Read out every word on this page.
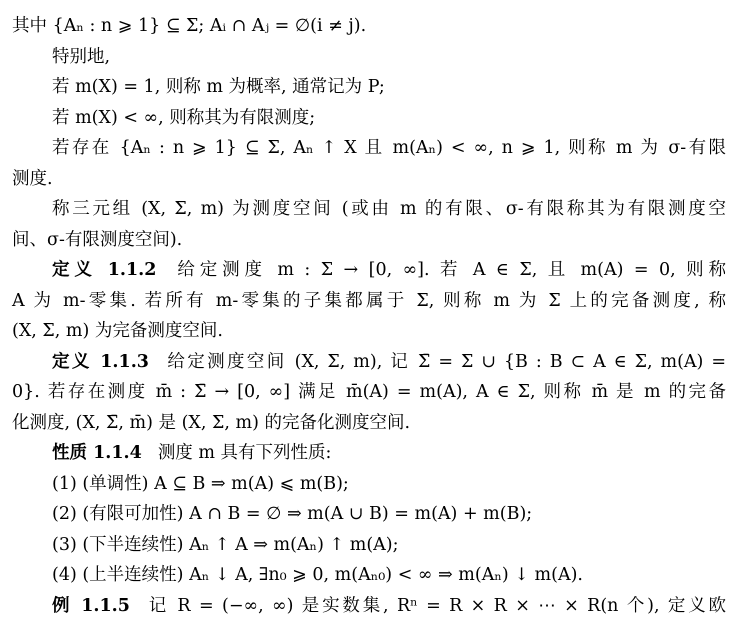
其中 {Aₙ : n ⩾ 1} ⊆ Σ; Aᵢ ∩ Aⱼ = ∅(i ≠ j).
特别地,
若 m(X) = 1, 则称 m 为概率, 通常记为 P;
若 m(X) < ∞, 则称其为有限测度;
若存在 {Aₙ : n ⩾ 1} ⊆ Σ, Aₙ ↑ X 且 m(Aₙ) < ∞, n ⩾ 1, 则称 m 为 σ-有限
测度.
称三元组 (X, Σ, m) 为测度空间 (或由 m 的有限、σ-有限称其为有限测度空
间、σ-有限测度空间).
定义 1.1.2 给定测度 m : Σ → [0, ∞]. 若 A ∈ Σ, 且 m(A) = 0, 则称
A 为 m-零集. 若所有 m-零集的子集都属于 Σ, 则称 m 为 Σ 上的完备测度, 称
(X, Σ, m) 为完备测度空间.
定义 1.1.3 给定测度空间 (X, Σ, m), 记 Σ̄ = Σ ∪ {B : B ⊂ A ∈ Σ, m(A) =
0}. 若存在测度 m̄ : Σ̄ → [0, ∞] 满足 m̄(A) = m(A), A ∈ Σ, 则称 m̄ 是 m 的完备
化测度, (X, Σ̄, m̄) 是 (X, Σ, m) 的完备化测度空间.
性质 1.1.4 测度 m 具有下列性质:
(1) (单调性) A ⊆ B ⇒ m(A) ⩽ m(B);
(2) (有限可加性) A ∩ B = ∅ ⇒ m(A ∪ B) = m(A) + m(B);
(3) (下半连续性) Aₙ ↑ A ⇒ m(Aₙ) ↑ m(A);
(4) (上半连续性) Aₙ ↓ A, ∃n₀ ⩾ 0, m(Aₙ₀) < ∞ ⇒ m(Aₙ) ↓ m(A).
例 1.1.5 记 R = (−∞, ∞) 是实数集, Rⁿ = R × R × ⋯ × R(n 个), 定义欧
